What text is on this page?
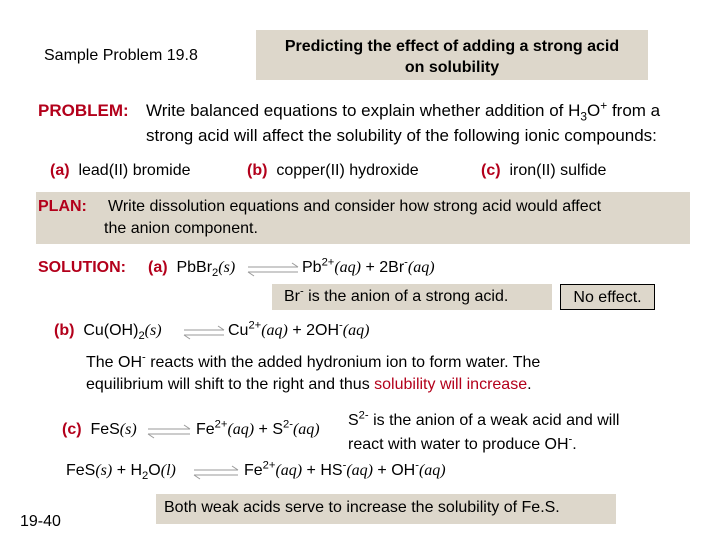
Sample Problem 19.8
Predicting the effect of adding a strong acid
on solubility
PROBLEM: Write balanced equations to explain whether addition of $H_3O^+$ from a
strong acid will affect the solubility of the following ionic compounds:
(a) lead(II) bromide	(b) copper(II) hydroxide	(c) iron(II) sulfide
PLAN: Write dissolution equations and consider how strong acid would affect
the anion component.
SOLUTION: (a) PbBr$_2$(s) ⇌ $Pb^{2+}(aq) + 2Br^-(aq)$
Br- is the anion of a strong acid.	No effect.
(b) $Cu(OH)_2(s)$ ⇌ $Cu^{2+}(aq) + 2OH^-(aq)$
The OH- reacts with the added hydronium ion to form water. The
equilibrium will shift to the right and thus solubility will increase.
(c) FeS(s) ⇌ $Fe^{2+}(aq) + S^{2-}(aq)$
$S^{2-}$ is the anion of a weak acid and will
react with water to produce OH-.
$FeS(s) + H_2O(l)$ ⇌ $Fe^{2+}(aq) + HS^-(aq) + OH^-(aq)$
Both weak acids serve to increase the solubility of Fe.S.
19-40
